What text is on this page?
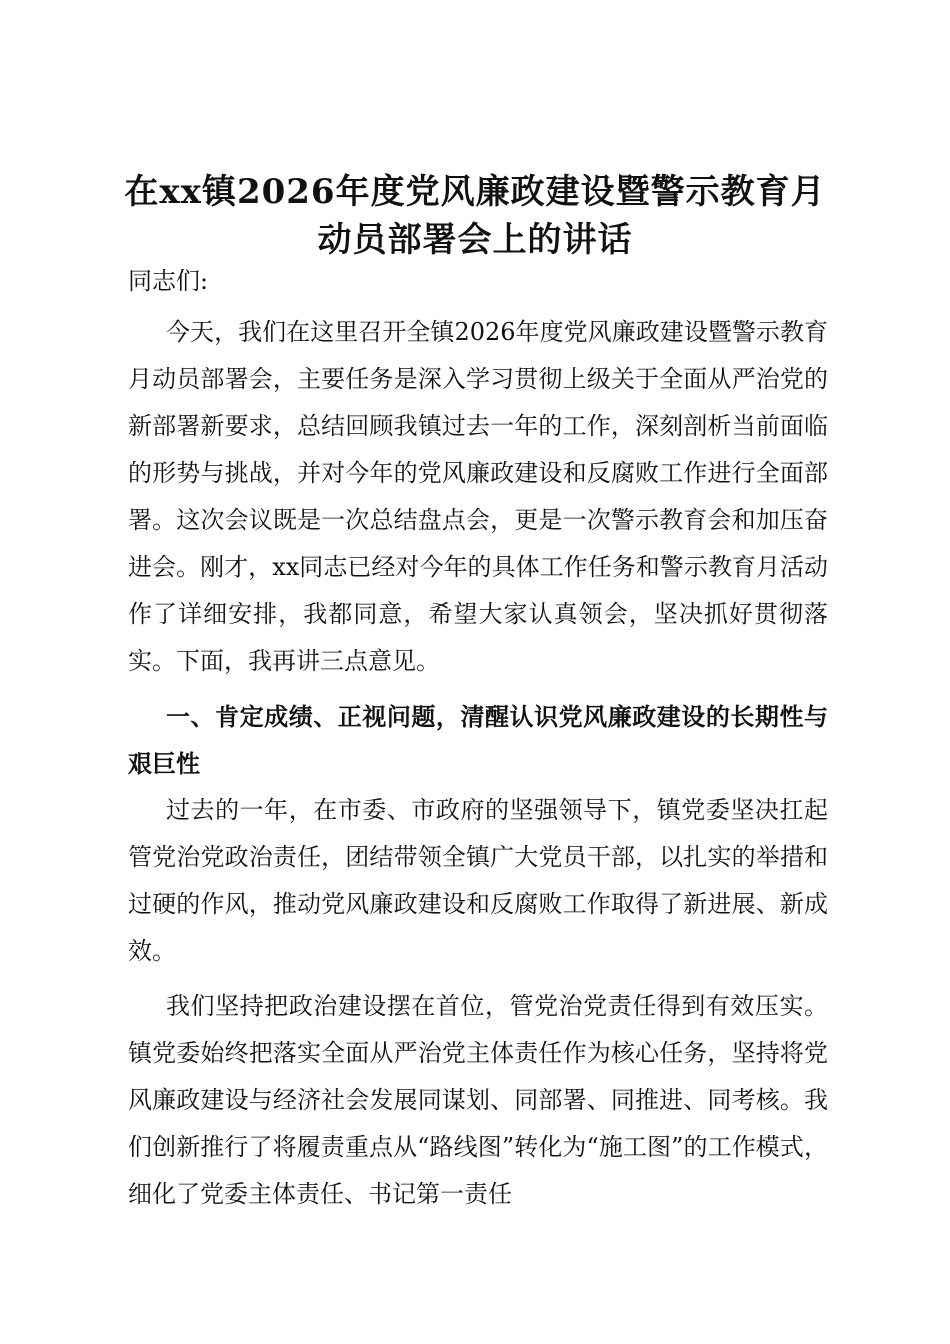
在xx镇2026年度党风廉政建设暨警示教育月
动员部署会上的讲话

同志们:

今天，我们在这里召开全镇2026年度党风廉政建设暨警示教育月动员部署会，主要任务是深入学习贯彻上级关于全面从严治党的新部署新要求，总结回顾我镇过去一年的工作，深刻剖析当前面临的形势与挑战，并对今年的党风廉政建设和反腐败工作进行全面部署。这次会议既是一次总结盘点会，更是一次警示教育会和加压奋进会。刚才，xx同志已经对今年的具体工作任务和警示教育月活动作了详细安排，我都同意，希望大家认真领会，坚决抓好贯彻落实。下面，我再讲三点意见。

一、肯定成绩、正视问题，清醒认识党风廉政建设的长期性与艰巨性

过去的一年，在市委、市政府的坚强领导下，镇党委坚决扛起管党治党政治责任，团结带领全镇广大党员干部，以扎实的举措和过硬的作风，推动党风廉政建设和反腐败工作取得了新进展、新成效。

我们坚持把政治建设摆在首位，管党治党责任得到有效压实。镇党委始终把落实全面从严治党主体责任作为核心任务，坚持将党风廉政建设与经济社会发展同谋划、同部署、同推进、同考核。我们创新推行了将履责重点从“路线图”转化为“施工图”的工作模式，细化了党委主体责任、书记第一责任
